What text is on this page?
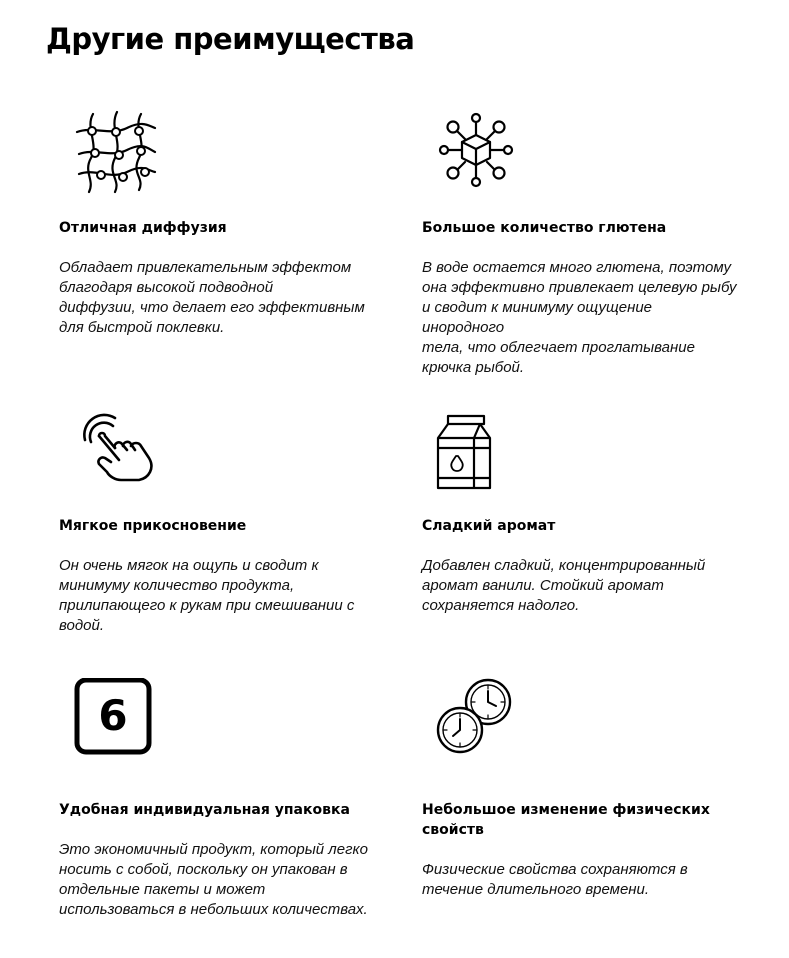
Другие преимущества
Отличная диффузия

Обладает привлекательным эффектом
благодаря высокой подводной
диффузии, что делает его эффективным
для быстрой поклевки.

Большое количество глютена

В воде остается много глютена, поэтому
она эффективно привлекает целевую рыбу
и сводит к минимуму ощущение
инородного
тела, что облегчает проглатывание
крючка рыбой.

Мягкое прикосновение

Он очень мягок на ощупь и сводит к
минимуму количество продукта,
прилипающего к рукам при смешивании с
водой.

Сладкий аромат

Добавлен сладкий, концентрированный
аромат ванили. Стойкий аромат
сохраняется надолго.

6
Удобная индивидуальная упаковка

Это экономичный продукт, который легко
носить с собой, поскольку он упакован в
отдельные пакеты и может
использоваться в небольших количествах.

Небольшое изменение физических
свойств

Физические свойства сохраняются в
течение длительного времени.
